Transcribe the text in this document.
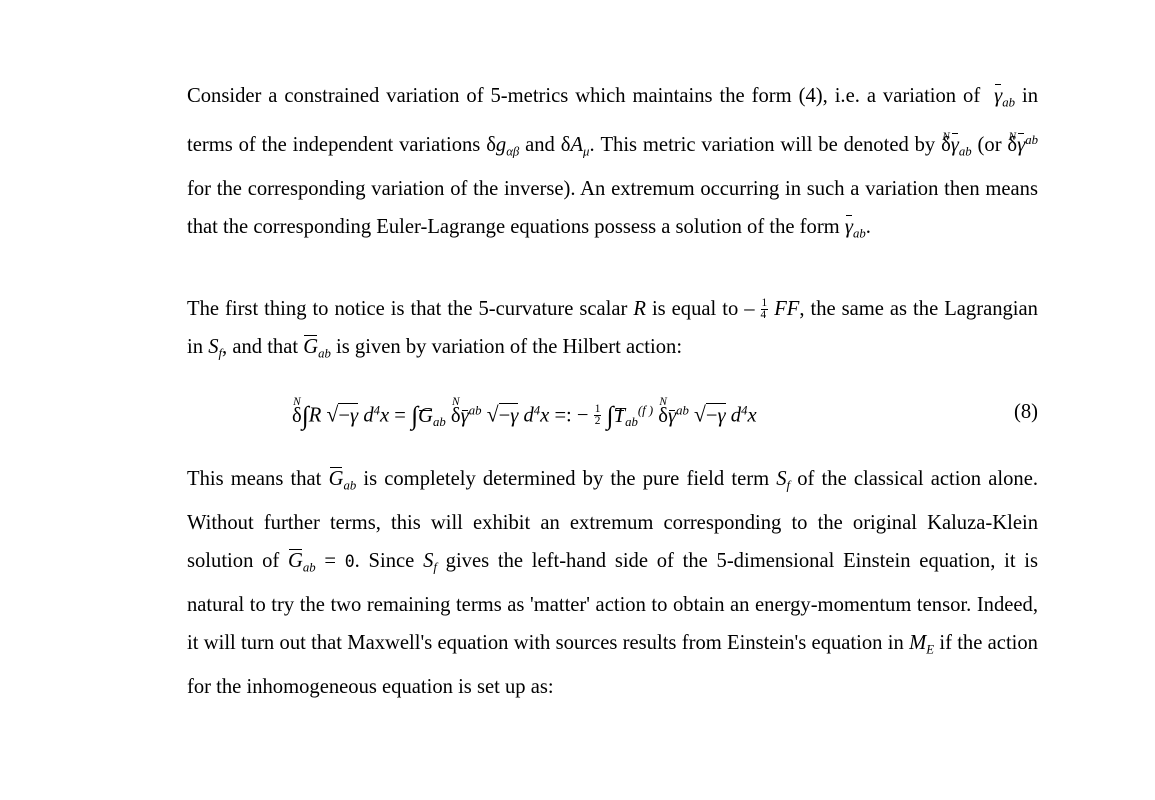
Consider a constrained variation of 5-metrics which maintains the form (4), i.e. a variation of $\gamma_{ab}$ in terms of the independent variations $\delta g_{\alpha\beta}$ and $\delta A_\mu$. This metric variation will be denoted by δ $N\gamma_{ab}$ (or δ $N\gamma^{ab}$ for the corresponding variation of the inverse). An extremum occurring in such a variation then means that the corresponding Euler-Lagrange equations possess a solution of the form $\gamma_{ab}$.

The first thing to notice is that the 5-curvature scalar R is equal to – $\frac{1}{4}$ FF, the same as the Lagrangian in $S_f$, and that $G_{ab}$ is given by variation of the Hilbert action:

δ N∫R √−γ $d^4x = \int G_{ab}$ δ $N\gamma^{ab}$ √−γ $d^4x$ =: − $\frac{1}{2} \int T_{ab}^{(f )}$ δ $N\gamma^{ab}$ √−γ $d^4x$	(8)

This means that $G_{ab}$ is completely determined by the pure field term $S_f$ of the classical action alone. Without further terms, this will exhibit an extremum corresponding to the original Kaluza-Klein solution of $G_{ab} = 0$. Since $S_f$ gives the left-hand side of the 5-dimensional Einstein equation, it is natural to try the two remaining terms as 'matter' action to obtain an energy-momentum tensor. Indeed, it will turn out that Maxwell's equation with sources results from Einstein's equation in $M_E$ if the action for the inhomogeneous equation is set up as:
